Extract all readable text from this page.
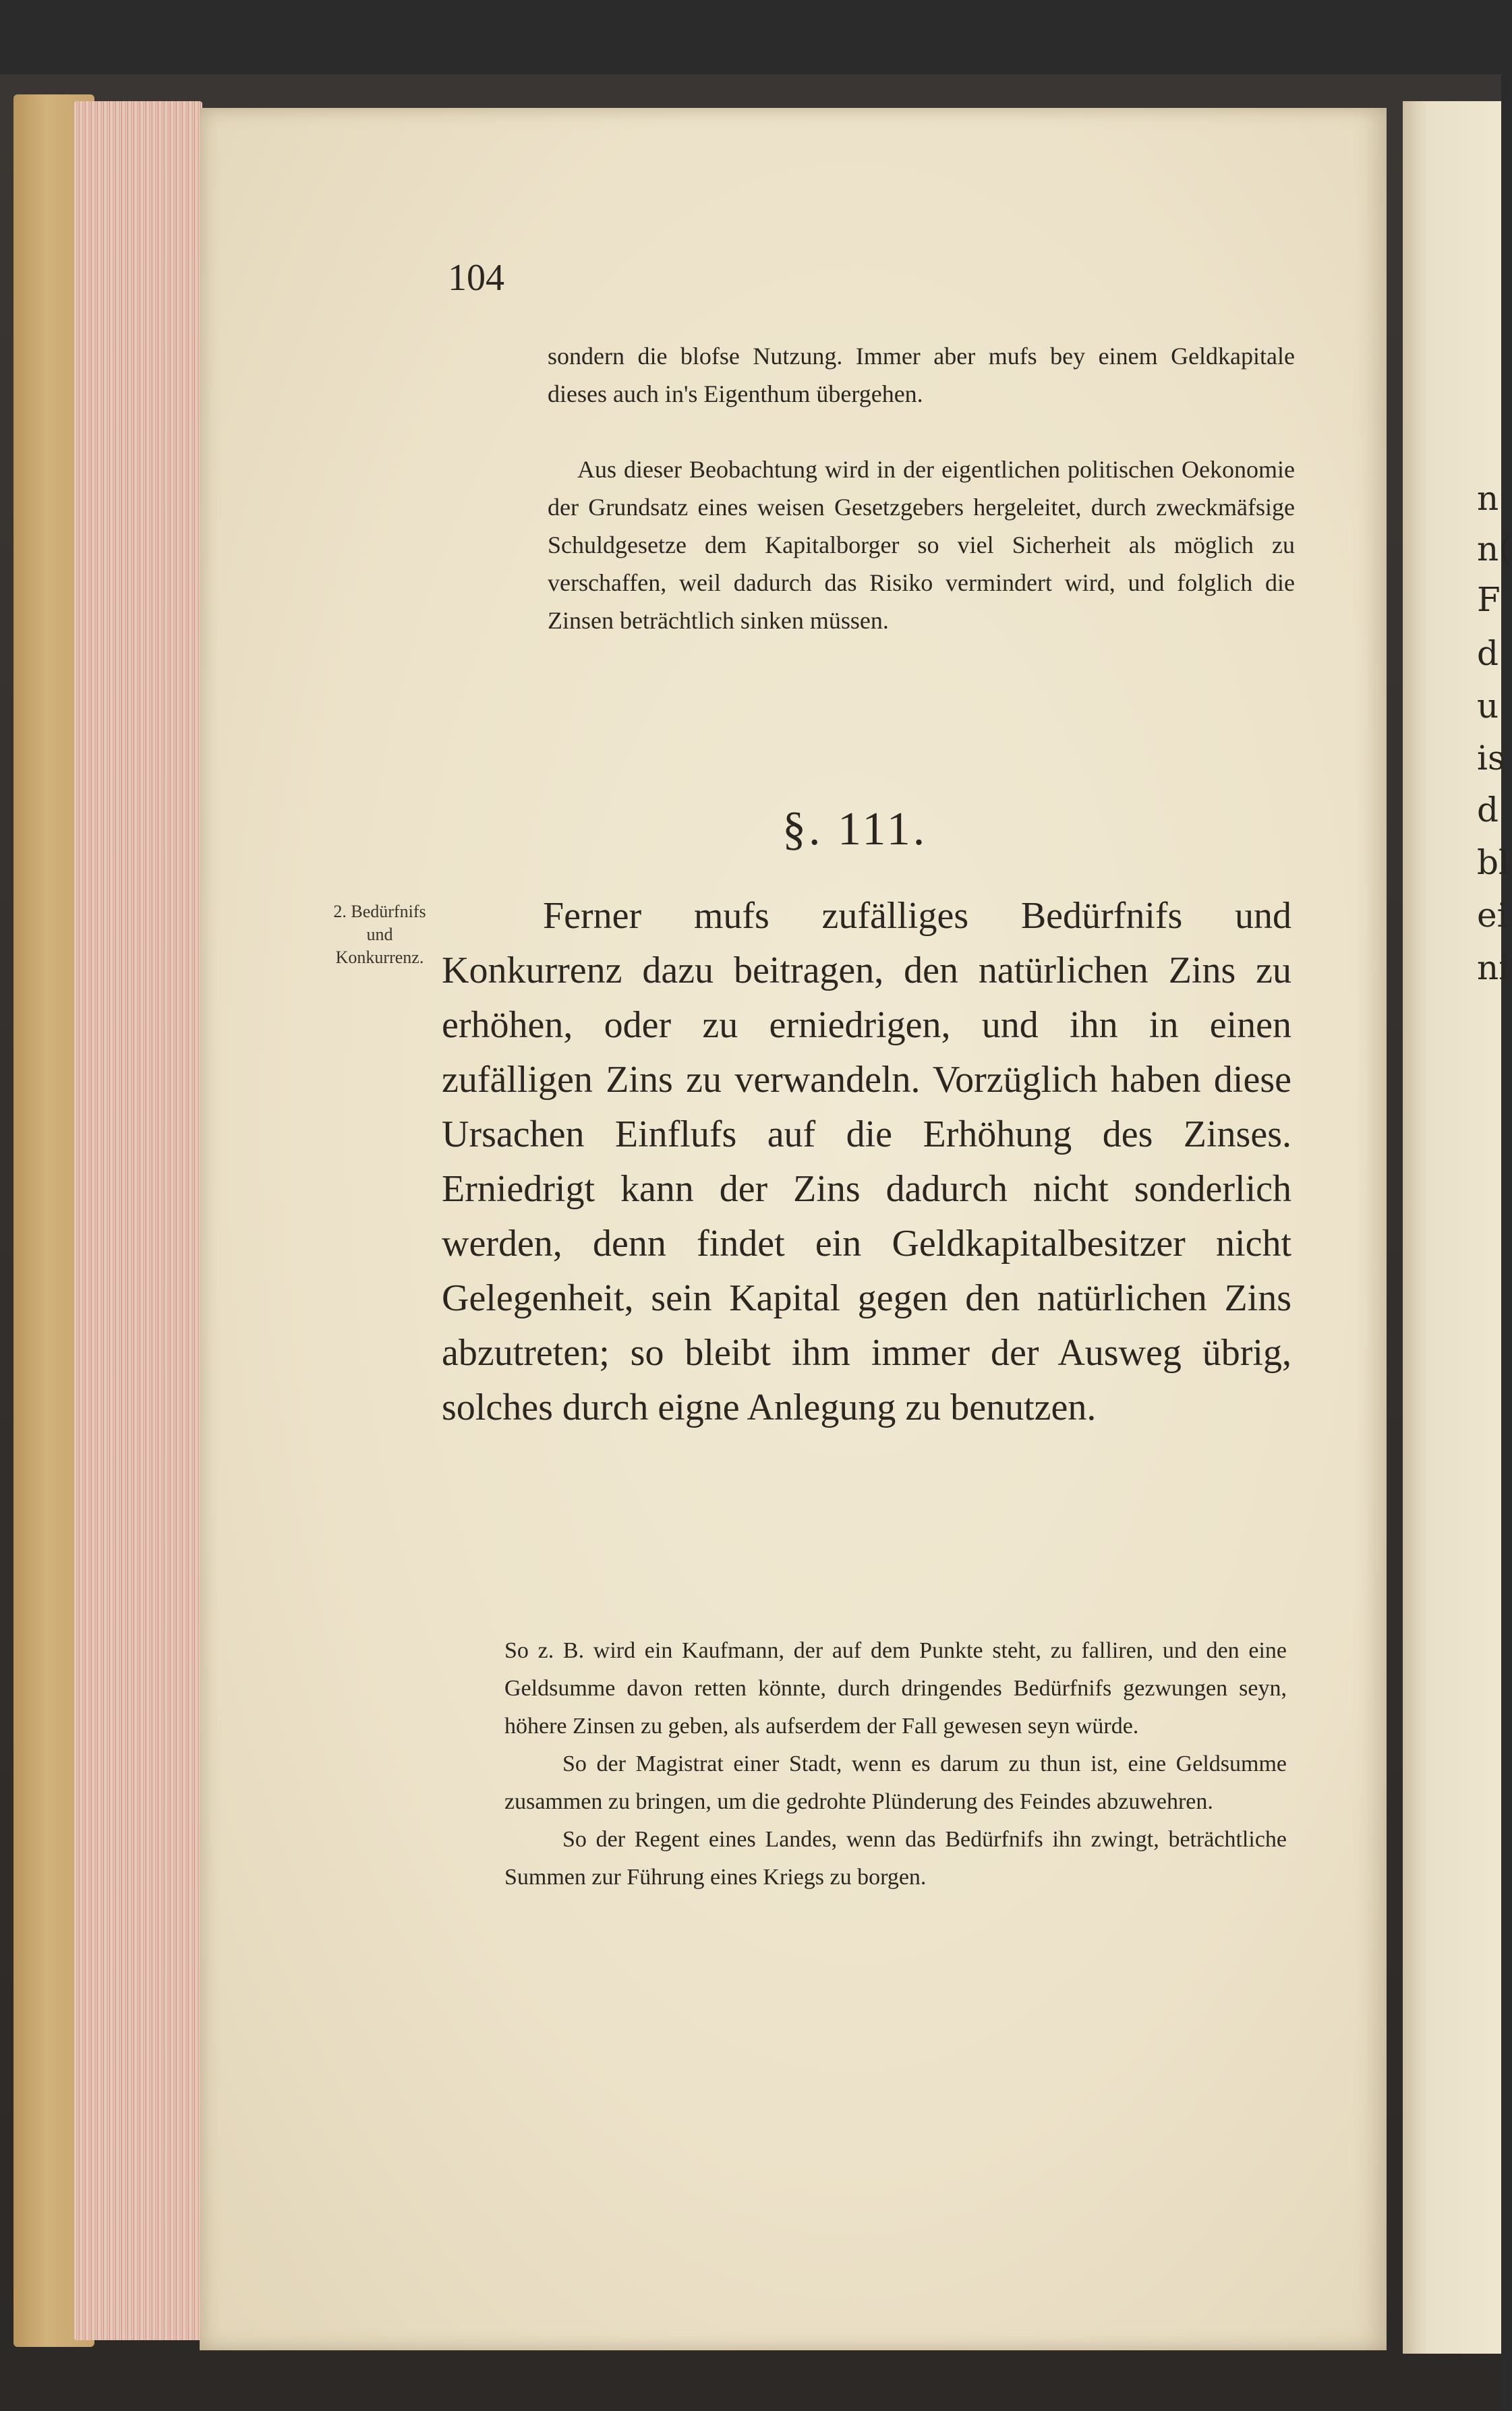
n
n(
F
d
u
is
d
bl
ei
ni
104
sondern die blofse Nutzung. Immer aber mufs bey einem Geldkapitale dieses auch in's Eigenthum übergehen.
Aus dieser Beobachtung wird in der eigentlichen politischen Oekonomie der Grundsatz eines weisen Gesetzgebers hergeleitet, durch zweckmäfsige Schuldgesetze dem Kapitalborger so viel Sicherheit als möglich zu verschaffen, weil dadurch das Risiko vermindert wird, und folglich die Zinsen beträchtlich sinken müssen.
§. 111.
2. Bedürfnifs
und
Konkurrenz.
Ferner mufs zufälliges Bedürfnifs und Konkurrenz dazu beitragen, den natürlichen Zins zu erhöhen, oder zu erniedrigen, und ihn in einen zufälligen Zins zu verwandeln. Vorzüglich haben diese Ursachen Einflufs auf die Erhöhung des Zinses. Erniedrigt kann der Zins dadurch nicht sonderlich werden, denn findet ein Geldkapitalbesitzer nicht Gelegenheit, sein Kapital gegen den natürlichen Zins abzutreten; so bleibt ihm immer der Ausweg übrig, solches durch eigne Anlegung zu benutzen.

So z. B. wird ein Kaufmann, der auf dem Punkte steht, zu falliren, und den eine Geldsumme davon retten könnte, durch dringendes Bedürfnifs gezwungen seyn, höhere Zinsen zu geben, als aufserdem der Fall gewesen seyn würde.

So der Magistrat einer Stadt, wenn es darum zu thun ist, eine Geldsumme zusammen zu bringen, um die gedrohte Plünderung des Feindes abzuwehren.

So der Regent eines Landes, wenn das Bedürfnifs ihn zwingt, beträchtliche Summen zur Führung eines Kriegs zu borgen.
